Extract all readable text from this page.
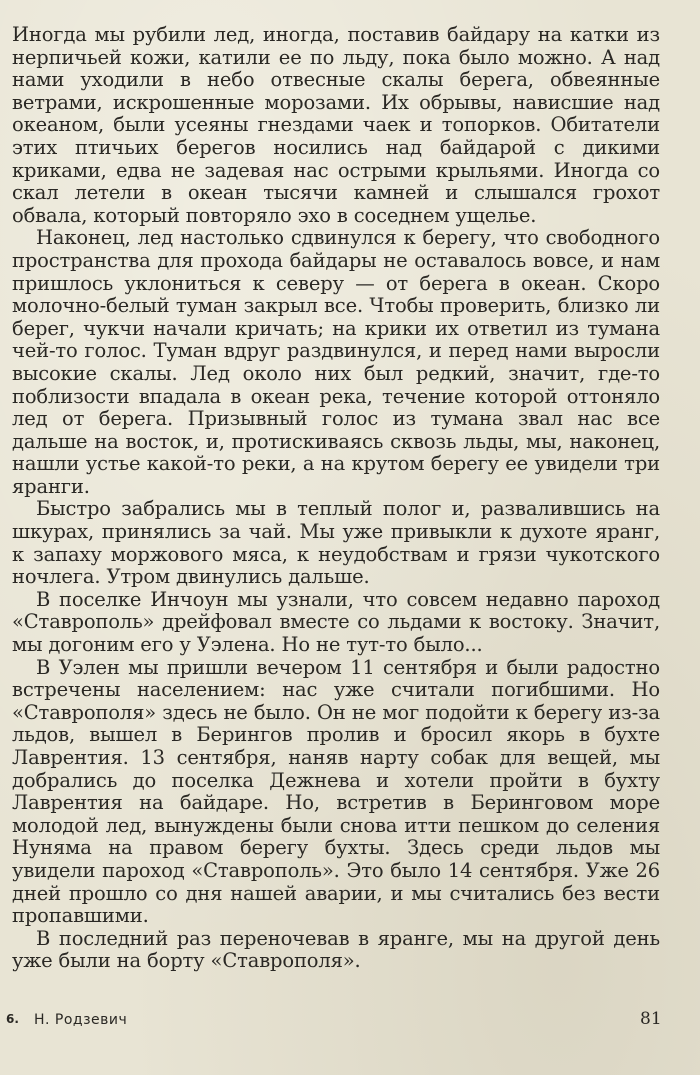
Иногда мы рубили лед, иногда, поставив байдару на катки из нерпичьей кожи, катили ее по льду, пока было можно. А над нами уходили в небо отвесные скалы берега, обвеянные ветрами, искрошенные морозами. Их обрывы, нависшие над океаном, были усеяны гнездами чаек и топорков. Обитатели этих птичьих берегов носились над байдарой с дикими криками, едва не задевая нас острыми крыльями. Иногда со скал летели в океан тысячи камней и слышался грохот обвала, который повторяло эхо в соседнем ущелье.

Наконец, лед настолько сдвинулся к берегу, что свободного пространства для прохода байдары не оставалось вовсе, и нам пришлось уклониться к северу — от берега в океан. Скоро молочно-белый туман закрыл все. Чтобы проверить, близко ли берег, чукчи начали кричать; на крики их ответил из тумана чей-то голос. Туман вдруг раздвинулся, и перед нами выросли высокие скалы. Лед около них был редкий, значит, где-то поблизости впадала в океан река, течение которой оттоняло лед от берега. Призывный голос из тумана звал нас все дальше на восток, и, протискиваясь сквозь льды, мы, наконец, нашли устье какой-то реки, а на крутом берегу ее увидели три яранги.

Быстро забрались мы в теплый полог и, развалившись на шкурах, принялись за чай. Мы уже привыкли к духоте яранг, к запаху моржового мяса, к неудобствам и грязи чукотского ночлега. Утром двинулись дальше.

В поселке Инчоун мы узнали, что совсем недавно пароход «Ставрополь» дрейфовал вместе со льдами к востоку. Значит, мы догоним его у Уэлена. Но не тут-то было...

В Уэлен мы пришли вечером 11 сентября и были радостно встречены населением: нас уже считали погибшими. Но «Ставрополя» здесь не было. Он не мог подойти к берегу из-за льдов, вышел в Берингов пролив и бросил якорь в бухте Лаврентия. 13 сентября, наняв нарту собак для вещей, мы добрались до поселка Дежнева и хотели пройти в бухту Лаврентия на байдаре. Но, встретив в Беринговом море молодой лед, вынуждены были снова итти пешком до селения Нуняма на правом берегу бухты. Здесь среди льдов мы увидели пароход «Ставрополь». Это было 14 сентября. Уже 26 дней прошло со дня нашей аварии, и мы считались без вести пропавшими.

В последний раз переночевав в яранге, мы на другой день уже были на борту «Ставрополя».

6. Н. Родзевич	81
